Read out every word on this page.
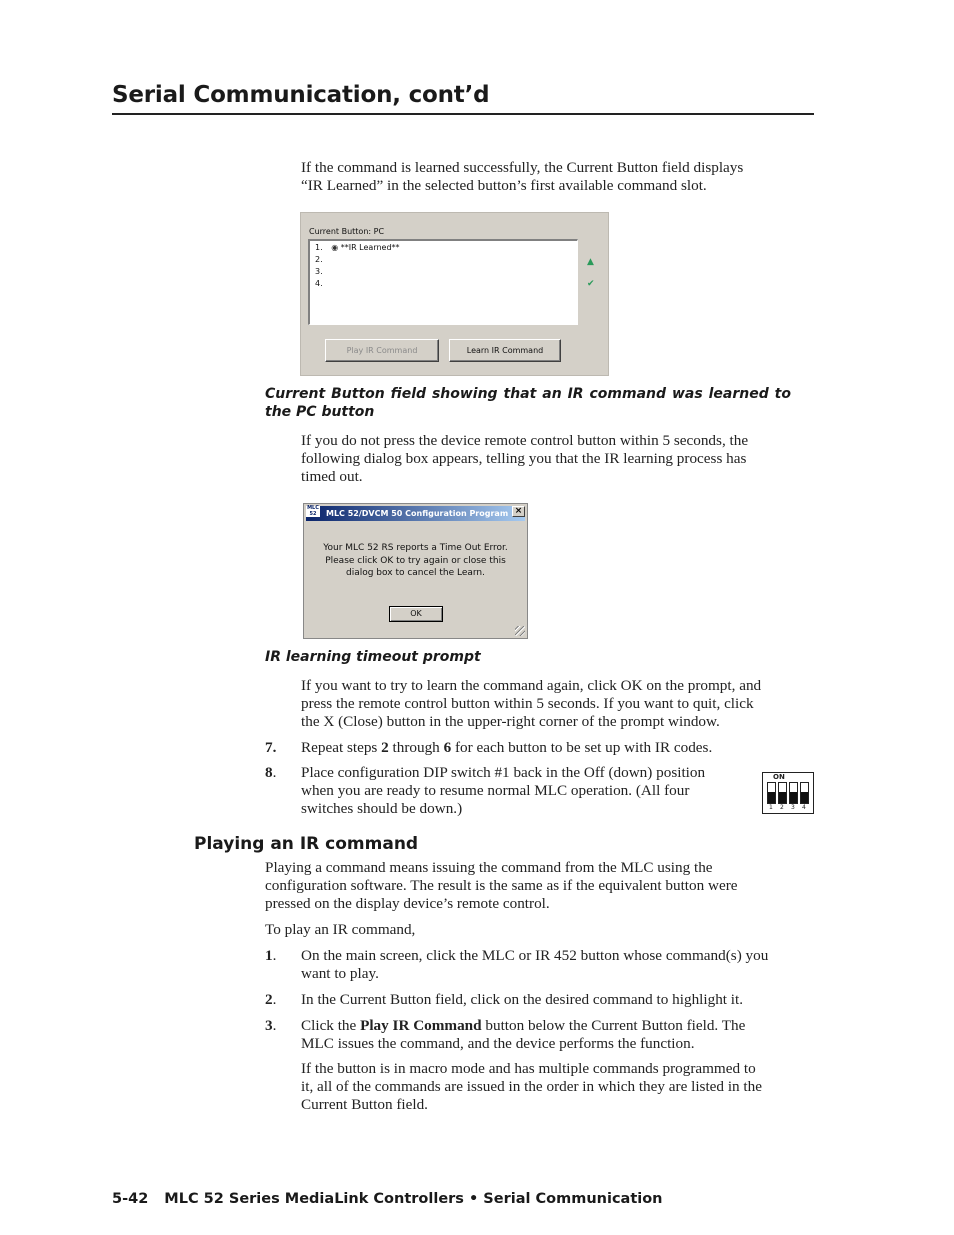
Serial Communication, cont’d
If the command is learned successfully, the Current Button field displays
“IR Learned” in the selected button’s first available command slot.
Current Button: PC
1. ◉ **IR Learned**
2.
3.
4.
▲
✔
Play IR Command	Learn IR Command
Current Button field showing that an IR command was learned to
the PC button
If you do not press the device remote control button within 5 seconds, the
following dialog box appears, telling you that the IR learning process has
timed out.
MLC 52/DVCM 50 Configuration Program
MLC 52	×
Your MLC 52 RS reports a Time Out Error.
Please click OK to try again or close this
dialog box to cancel the Learn.
OK
IR learning timeout prompt
If you want to try to learn the command again, click OK on the prompt, and
press the remote control button within 5 seconds. If you want to quit, click
the X (Close) button in the upper-right corner of the prompt window.
7. Repeat steps 2 through 6 for each button to be set up with IR codes.
8. Place configuration DIP switch #1 back in the Off (down) position
when you are ready to resume normal MLC operation. (All four
switches should be down.)
ON
1 2 3 4
Playing an IR command
Playing a command means issuing the command from the MLC using the
configuration software. The result is the same as if the equivalent button were
pressed on the display device’s remote control.
To play an IR command,
1. On the main screen, click the MLC or IR 452 button whose command(s) you
want to play.
2. In the Current Button field, click on the desired command to highlight it.
3. Click the Play IR Command button below the Current Button field. The
MLC issues the command, and the device performs the function.
If the button is in macro mode and has multiple commands programmed to
it, all of the commands are issued in the order in which they are listed in the
Current Button field.
5-42 MLC 52 Series MediaLink Controllers • Serial Communication
